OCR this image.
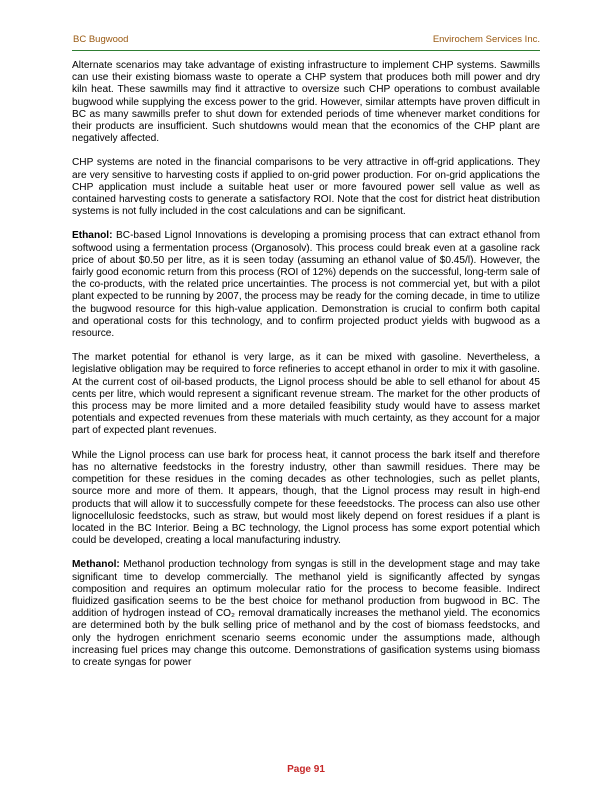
BC Bugwood	Envirochem Services Inc.

Alternate scenarios may take advantage of existing infrastructure to implement CHP systems. Sawmills can use their existing biomass waste to operate a CHP system that produces both mill power and dry kiln heat. These sawmills may find it attractive to oversize such CHP operations to combust available bugwood while supplying the excess power to the grid. However, similar attempts have proven difficult in BC as many sawmills prefer to shut down for extended periods of time whenever market conditions for their products are insufficient. Such shutdowns would mean that the economics of the CHP plant are negatively affected.

CHP systems are noted in the financial comparisons to be very attractive in off-grid applications. They are very sensitive to harvesting costs if applied to on-grid power production. For on-grid applications the CHP application must include a suitable heat user or more favoured power sell value as well as contained harvesting costs to generate a satisfactory ROI. Note that the cost for district heat distribution systems is not fully included in the cost calculations and can be significant.

Ethanol: BC-based Lignol Innovations is developing a promising process that can extract ethanol from softwood using a fermentation process (Organosolv). This process could break even at a gasoline rack price of about $0.50 per litre, as it is seen today (assuming an ethanol value of $0.45/l). However, the fairly good economic return from this process (ROI of 12%) depends on the successful, long-term sale of the co-products, with the related price uncertainties. The process is not commercial yet, but with a pilot plant expected to be running by 2007, the process may be ready for the coming decade, in time to utilize the bugwood resource for this high-value application. Demonstration is crucial to confirm both capital and operational costs for this technology, and to confirm projected product yields with bugwood as a resource.

The market potential for ethanol is very large, as it can be mixed with gasoline. Nevertheless, a legislative obligation may be required to force refineries to accept ethanol in order to mix it with gasoline. At the current cost of oil-based products, the Lignol process should be able to sell ethanol for about 45 cents per litre, which would represent a significant revenue stream. The market for the other products of this process may be more limited and a more detailed feasibility study would have to assess market potentials and expected revenues from these materials with much certainty, as they account for a major part of expected plant revenues.

While the Lignol process can use bark for process heat, it cannot process the bark itself and therefore has no alternative feedstocks in the forestry industry, other than sawmill residues. There may be competition for these residues in the coming decades as other technologies, such as pellet plants, source more and more of them. It appears, though, that the Lignol process may result in high-end products that will allow it to successfully compete for these feeedstocks. The process can also use other lignocellulosic feedstocks, such as straw, but would most likely depend on forest residues if a plant is located in the BC Interior. Being a BC technology, the Lignol process has some export potential which could be developed, creating a local manufacturing industry.

Methanol: Methanol production technology from syngas is still in the development stage and may take significant time to develop commercially. The methanol yield is significantly affected by syngas composition and requires an optimum molecular ratio for the process to become feasible. Indirect fluidized gasification seems to be the best choice for methanol production from bugwood in BC. The addition of hydrogen instead of CO₂ removal dramatically increases the methanol yield. The economics are determined both by the bulk selling price of methanol and by the cost of biomass feedstocks, and only the hydrogen enrichment scenario seems economic under the assumptions made, although increasing fuel prices may change this outcome. Demonstrations of gasification systems using biomass to create syngas for power

Page 91
